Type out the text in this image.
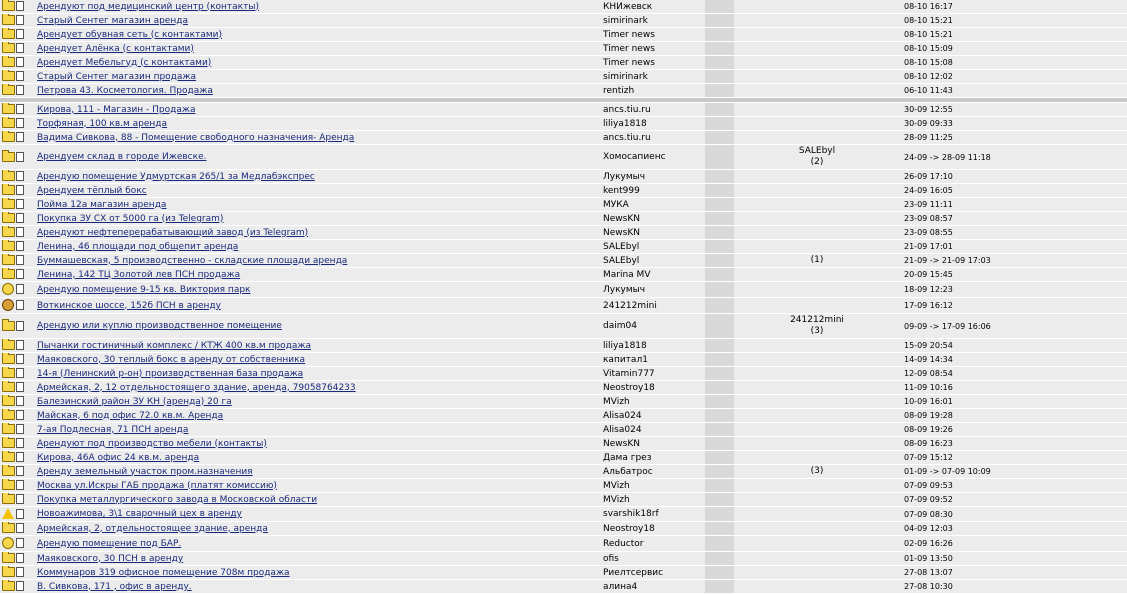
		Арендуют под медицинский центр (контакты)	КНИжевск			08-10 16:17	
		Старый Сентег магазин аренда	simirinark			08-10 15:21	
		Арендует обувная сеть (с контактами)	Timer news			08-10 15:21	
		Арендует Алёнка (с контактами)	Timer news			08-10 15:09	
		Арендует Мебельгуд (с контактами)	Timer news			08-10 15:08	
		Старый Сентег магазин продажа	simirinark			08-10 12:02	
		Петрова 43. Косметология. Продажа	rentizh			06-10 11:43	

		Кирова, 111 - Магазин - Продажа	ancs.tiu.ru			30-09 12:55	
		Торфяная, 100 кв.м аренда	liliya1818			30-09 09:33	
		Вадима Сивкова, 88 - Помещение свободного назначения- Аренда	ancs.tiu.ru			28-09 11:25	
		Арендуем склад в городе Ижевске.	Хомосапиенс		SALEbyl
(2)	24-09 -> 28-09 11:18	
		Арендую помещение Удмуртская 265/1 за Медлабэкспрес	Лукумыч			26-09 17:10	
		Арендуем тёплый бокс	kent999			24-09 16:05	
		Пойма 12а магазин аренда	МУКА			23-09 11:11	
		Покупка ЗУ СХ от 5000 га (из Telegram)	NewsKN			23-09 08:57	
		Арендуют нефтеперерабатывающий завод (из Telegram)	NewsKN			23-09 08:55	
		Ленина, 46 площади под общепит аренда	SALEbyl			21-09 17:01	
		Буммашевская, 5 производственно - складские площади аренда	SALEbyl		(1)	21-09 -> 21-09 17:03	
		Ленина, 142 ТЦ Золотой лев ПСН продажа	Marina MV			20-09 15:45	
		Арендую помещение 9-15 кв. Виктория парк	Лукумыч			18-09 12:23	
		Воткинское шоссе, 152б ПСН в аренду	241212mini			17-09 16:12	
		Арендую или куплю производственное помещение	daim04		241212mini
(3)	09-09 -> 17-09 16:06	
		Пычанки гостиничный комплекс / КТЖ 400 кв.м продажа	liliya1818			15-09 20:54	
		Маяковского, 30 теплый бокс в аренду от собственника	капитал1			14-09 14:34	
		14-я (Ленинский р-он) производственная база продажа	Vitamin777			12-09 08:54	
		Армейская, 2, 12 отдельностоящего здание, аренда, 79058764233	Neostroy18			11-09 10:16	
		Балезинский район ЗУ КН (аренда) 20 га	MVizh			10-09 16:01	
		Майская, 6 под офис 72.0 кв.м. Аренда	Alisa024			08-09 19:28	
		7-ая Подлесная, 71 ПСН аренда	Alisa024			08-09 19:26	
		Арендуют под производство мебели (контакты)	NewsKN			08-09 16:23	
		Кирова, 46А офис 24 кв.м. аренда	Дама грез			07-09 15:12	
		Аренду земельный участок пром.назначения	Альбатрос		(3)	01-09 -> 07-09 10:09	
		Москва ул.Искры ГАБ продажа (платят комиссию)	MVizh			07-09 09:53	
		Покупка металлургического завода в Московской области	MVizh			07-09 09:52	
		Новоажимова, 3\1 сварочный цех в аренду	svarshik18rf			07-09 08:30	
		Армейская, 2, отдельностоящее здание, аренда	Neostroy18			04-09 12:03	
		Арендую помещение под БАР.	Reductor			02-09 16:26	
		Маяковского, 30 ПСН в аренду	ofis			01-09 13:50	
		Коммунаров 319 офисное помещение 708м продажа	Риелтсервис			27-08 13:07	
		В. Сивкова, 171 , офис в аренду.	алина4			27-08 10:30	
